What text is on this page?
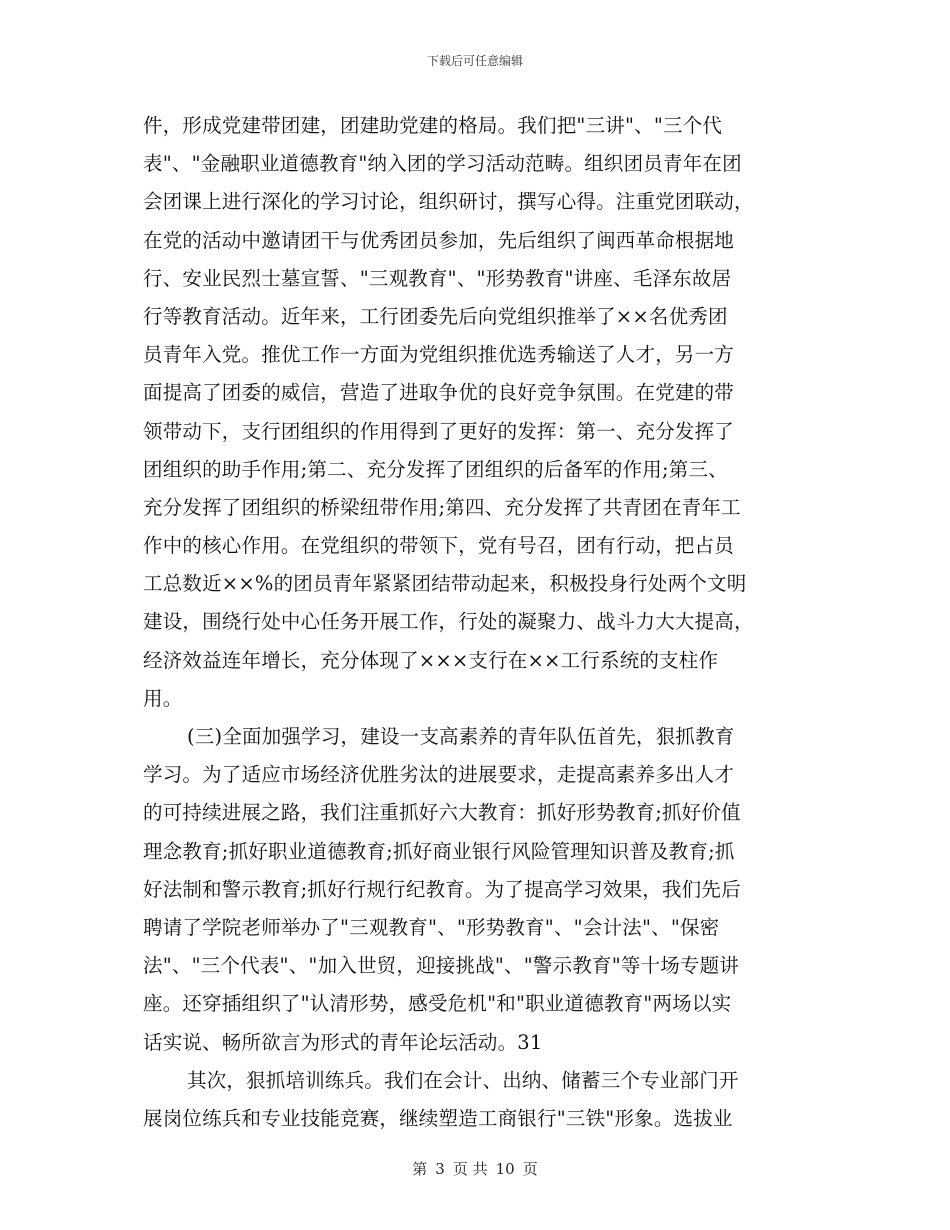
下载后可任意编辑
件，形成党建带团建，团建助党建的格局。我们把"三讲"、"三个代
表"、"金融职业道德教育"纳入团的学习活动范畴。组织团员青年在团
会团课上进行深化的学习讨论，组织研讨，撰写心得。注重党团联动，
在党的活动中邀请团干与优秀团员参加，先后组织了闽西革命根据地
行、安业民烈士墓宣誓、"三观教育"、"形势教育"讲座、毛泽东故居
行等教育活动。近年来，工行团委先后向党组织推举了××名优秀团
员青年入党。推优工作一方面为党组织推优选秀输送了人才，另一方
面提高了团委的威信，营造了进取争优的良好竞争氛围。在党建的带
领带动下，支行团组织的作用得到了更好的发挥：第一、充分发挥了
团组织的助手作用;第二、充分发挥了团组织的后备军的作用;第三、
充分发挥了团组织的桥梁纽带作用;第四、充分发挥了共青团在青年工
作中的核心作用。在党组织的带领下，党有号召，团有行动，把占员
工总数近××%的团员青年紧紧团结带动起来，积极投身行处两个文明
建设，围绕行处中心任务开展工作，行处的凝聚力、战斗力大大提高，
经济效益连年增长，充分体现了×××支行在××工行系统的支柱作
用。
(三)全面加强学习，建设一支高素养的青年队伍首先，狠抓教育
学习。为了适应市场经济优胜劣汰的进展要求，走提高素养多出人才
的可持续进展之路，我们注重抓好六大教育：抓好形势教育;抓好价值
理念教育;抓好职业道德教育;抓好商业银行风险管理知识普及教育;抓
好法制和警示教育;抓好行规行纪教育。为了提高学习效果，我们先后
聘请了学院老师举办了"三观教育"、"形势教育"、"会计法"、"保密
法"、"三个代表"、"加入世贸，迎接挑战"、"警示教育"等十场专题讲
座。还穿插组织了"认清形势，感受危机"和"职业道德教育"两场以实
话实说、畅所欲言为形式的青年论坛活动。31
其次，狠抓培训练兵。我们在会计、出纳、储蓄三个专业部门开
展岗位练兵和专业技能竞赛，继续塑造工商银行"三铁"形象。选拔业
第 3 页 共 10 页
